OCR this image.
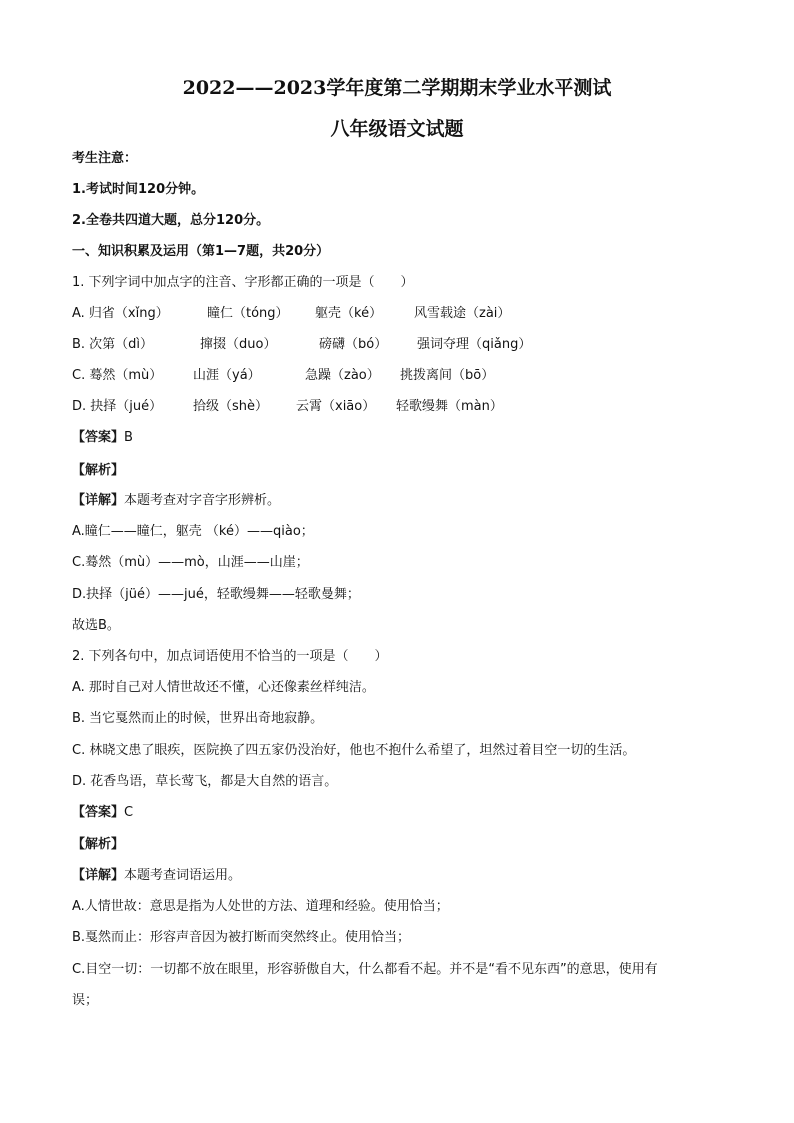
2022——2023学年度第二学期期末学业水平测试
八年级语文试题
考生注意：
1.考试时间120分钟。
2.全卷共四道大题，总分120分。
一、知识积累及运用（第1—7题，共20分）
1. 下列字词中加点字的注音、字形都正确的一项是（　　）
A. 归省（xǐng）	瞳仁（tóng） 躯壳（ké） 风雪载途（zài）
B. 次第（dì）	撺掇（duo）	磅礴（bó） 强词夺理（qiǎng）
C. 蓦然（mù） 山涯（yá）	急躁（zào） 挑拨离间（bō）
D. 抉择（jué） 拾级（shè） 云霄（xiāo） 轻歌缦舞（màn）
【答案】B
【解析】
【详解】本题考查对字音字形辨析。
A.瞳仁——瞳仁，躯壳 （ké）——qiào；
C.蓦然（mù）——mò，山涯——山崖；
D.抉择（jüé）——jué，轻歌缦舞——轻歌曼舞；
故选B。
2. 下列各句中，加点词语使用不恰当的一项是（　　）
A. 那时自己对人情世故还不懂，心还像素丝样纯洁。
B. 当它戛然而止的时候，世界出奇地寂静。
C. 林晓文患了眼疾，医院换了四五家仍没治好，他也不抱什么希望了，坦然过着目空一切的生活。
D. 花香鸟语，草长莺飞，都是大自然的语言。
【答案】C
【解析】
【详解】本题考查词语运用。
A.人情世故：意思是指为人处世的方法、道理和经验。使用恰当；
B.戛然而止：形容声音因为被打断而突然终止。使用恰当；
C.目空一切：一切都不放在眼里，形容骄傲自大，什么都看不起。并不是“看不见东西”的意思，使用有
误；
